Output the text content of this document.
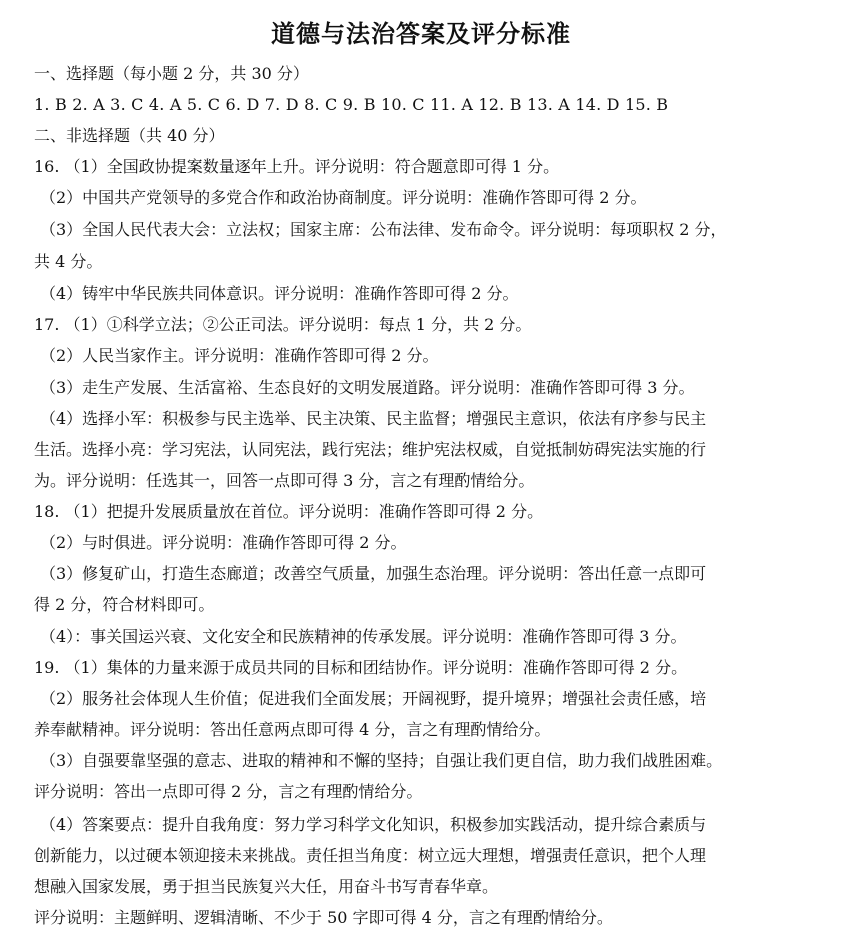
道德与法治答案及评分标准
一、选择题（每小题 2 分，共 30 分）
1. B 2. A 3. C 4. A 5. C 6. D 7. D 8. C 9. B 10. C 11. A 12. B 13. A 14. D 15. B
二、非选择题（共 40 分）
16. （1）全国政协提案数量逐年上升。评分说明：符合题意即可得 1 分。
（2）中国共产党领导的多党合作和政治协商制度。评分说明：准确作答即可得 2 分。
（3）全国人民代表大会：立法权；国家主席：公布法律、发布命令。评分说明：每项职权 2 分，
共 4 分。
（4）铸牢中华民族共同体意识。评分说明：准确作答即可得 2 分。
17. （1）①科学立法；②公正司法。评分说明：每点 1 分，共 2 分。
（2）人民当家作主。评分说明：准确作答即可得 2 分。
（3）走生产发展、生活富裕、生态良好的文明发展道路。评分说明：准确作答即可得 3 分。
（4）选择小军：积极参与民主选举、民主决策、民主监督；增强民主意识，依法有序参与民主
生活。选择小亮：学习宪法，认同宪法，践行宪法；维护宪法权威，自觉抵制妨碍宪法实施的行
为。评分说明：任选其一，回答一点即可得 3 分，言之有理酌情给分。
18. （1）把提升发展质量放在首位。评分说明：准确作答即可得 2 分。
（2）与时俱进。评分说明：准确作答即可得 2 分。
（3）修复矿山，打造生态廊道；改善空气质量，加强生态治理。评分说明：答出任意一点即可
得 2 分，符合材料即可。
（4）：事关国运兴衰、文化安全和民族精神的传承发展。评分说明：准确作答即可得 3 分。
19. （1）集体的力量来源于成员共同的目标和团结协作。评分说明：准确作答即可得 2 分。
（2）服务社会体现人生价值；促进我们全面发展；开阔视野，提升境界；增强社会责任感，培
养奉献精神。评分说明：答出任意两点即可得 4 分，言之有理酌情给分。
（3）自强要靠坚强的意志、进取的精神和不懈的坚持；自强让我们更自信，助力我们战胜困难。
评分说明：答出一点即可得 2 分，言之有理酌情给分。
（4）答案要点：提升自我角度：努力学习科学文化知识，积极参加实践活动，提升综合素质与
创新能力，以过硬本领迎接未来挑战。责任担当角度：树立远大理想，增强责任意识，把个人理
想融入国家发展，勇于担当民族复兴大任，用奋斗书写青春华章。
评分说明：主题鲜明、逻辑清晰、不少于 50 字即可得 4 分，言之有理酌情给分。
